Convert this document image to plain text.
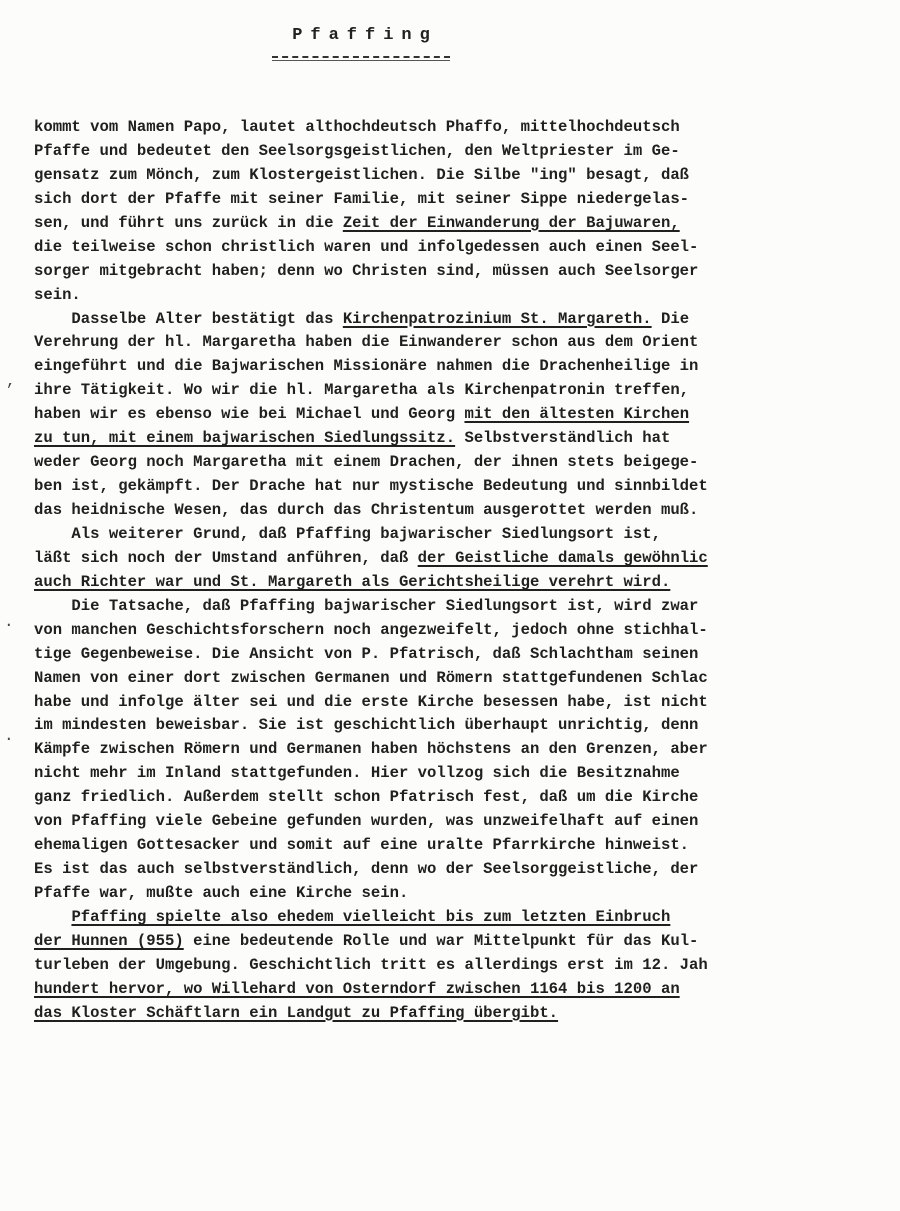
Pfaffing
,
·
·
kommt vom Namen Papo, lautet althochdeutsch Phaffo, mittelhochdeutsch
Pfaffe und bedeutet den Seelsorgsgeistlichen, den Weltpriester im Ge-
gensatz zum Mönch, zum Klostergeistlichen. Die Silbe "ing" besagt, daß
sich dort der Pfaffe mit seiner Familie, mit seiner Sippe niedergelas-
sen, und führt uns zurück in die Zeit der Einwanderung der Bajuwaren,
die teilweise schon christlich waren und infolgedessen auch einen Seel-
sorger mitgebracht haben; denn wo Christen sind, müssen auch Seelsorger
sein.
Dasselbe Alter bestätigt das Kirchenpatrozinium St. Margareth. Die
Verehrung der hl. Margaretha haben die Einwanderer schon aus dem Orient
eingeführt und die Bajwarischen Missionäre nahmen die Drachenheilige in
ihre Tätigkeit. Wo wir die hl. Margaretha als Kirchenpatronin treffen,
haben wir es ebenso wie bei Michael und Georg mit den ältesten Kirchen
zu tun, mit einem bajwarischen Siedlungssitz. Selbstverständlich hat
weder Georg noch Margaretha mit einem Drachen, der ihnen stets beigege-
ben ist, gekämpft. Der Drache hat nur mystische Bedeutung und sinnbildet
das heidnische Wesen, das durch das Christentum ausgerottet werden muß.
Als weiterer Grund, daß Pfaffing bajwarischer Siedlungsort ist,
läßt sich noch der Umstand anführen, daß der Geistliche damals gewöhnlic
auch Richter war und St. Margareth als Gerichtsheilige verehrt wird.
Die Tatsache, daß Pfaffing bajwarischer Siedlungsort ist, wird zwar
von manchen Geschichtsforschern noch angezweifelt, jedoch ohne stichhal-
tige Gegenbeweise. Die Ansicht von P. Pfatrisch, daß Schlachtham seinen
Namen von einer dort zwischen Germanen und Römern stattgefundenen Schlac
habe und infolge älter sei und die erste Kirche besessen habe, ist nicht
im mindesten beweisbar. Sie ist geschichtlich überhaupt unrichtig, denn
Kämpfe zwischen Römern und Germanen haben höchstens an den Grenzen, aber
nicht mehr im Inland stattgefunden. Hier vollzog sich die Besitznahme
ganz friedlich. Außerdem stellt schon Pfatrisch fest, daß um die Kirche
von Pfaffing viele Gebeine gefunden wurden, was unzweifelhaft auf einen
ehemaligen Gottesacker und somit auf eine uralte Pfarrkirche hinweist.
Es ist das auch selbstverständlich, denn wo der Seelsorggeistliche, der
Pfaffe war, mußte auch eine Kirche sein.
Pfaffing spielte also ehedem vielleicht bis zum letzten Einbruch
der Hunnen (955) eine bedeutende Rolle und war Mittelpunkt für das Kul-
turleben der Umgebung. Geschichtlich tritt es allerdings erst im 12. Jah
hundert hervor, wo Willehard von Osterndorf zwischen 1164 bis 1200 an
das Kloster Schäftlarn ein Landgut zu Pfaffing übergibt.
